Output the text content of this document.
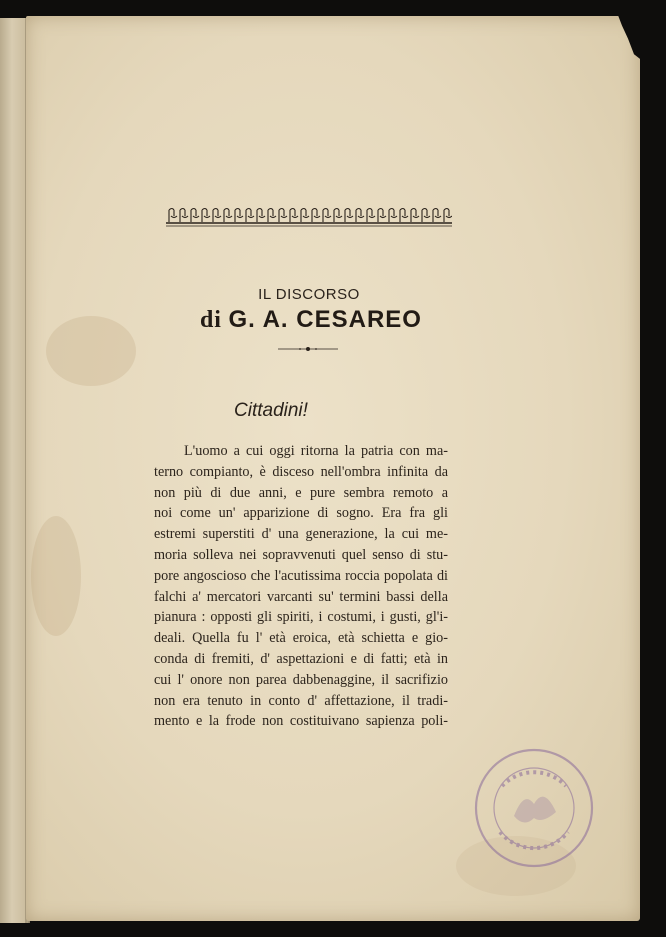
IL DISCORSO
di G. A. CESAREO
Cittadini!

L'uomo a cui oggi ritorna la patria con ma-
terno compianto, è disceso nell'ombra infinita da
non più di due anni, e pure sembra remoto a
noi come un' apparizione di sogno. Era fra gli
estremi superstiti d' una generazione, la cui me-
moria solleva nei sopravvenuti quel senso di stu-
pore angoscioso che l'acutissima roccia popolata di
falchi a' mercatori varcanti su' termini bassi della
pianura : opposti gli spiriti, i costumi, i gusti, gl'i-
deali. Quella fu l' età eroica, età schietta e gio-
conda di fremiti, d' aspettazioni e di fatti; età in
cui l' onore non parea dabbenaggine, il sacrifizio
non era tenuto in conto d' affettazione, il tradi-
mento e la frode non costituivano sapienza poli-
